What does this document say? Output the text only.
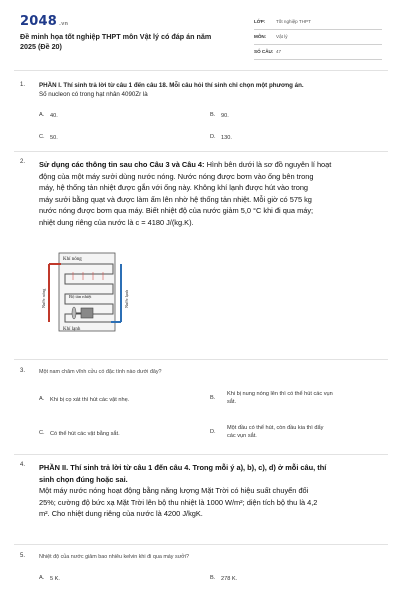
2048 .vn
Đề minh họa tốt nghiệp THPT môn Vật lý có đáp án năm
2025 (Đề 20)
LỚP: Tốt nghiệp THPT
MÔN: Vật lý
SỐ CÂU: 47
1. PHẦN I. Thí sinh trả lời từ câu 1 đến câu 18. Mỗi câu hỏi thí sinh chỉ chọn một phương án.
Số nucleon có trong hạt nhân 4090Zr là
A. 40.	B. 90.
C. 50.	D. 130.
2. Sử dụng các thông tin sau cho Câu 3 và Câu 4: Hình bên dưới là sơ đồ nguyên lí hoạt
động của một máy sưởi dùng nước nóng. Nước nóng được bơm vào ống bên trong
máy, hệ thống tản nhiệt được gắn với ống này. Không khí lạnh được hút vào trong
máy sưởi bằng quạt và được làm ấm lên nhờ hệ thống tản nhiệt. Mỗi giờ có 575 kg
nước nóng được bơm qua máy. Biết nhiệt độ của nước giảm 5,0 °C khi đi qua máy;
nhiệt dung riêng của nước là c = 4180 J/(kg.K).
Khí nóng
Bộ tản nhiệt
Khí lạnh
Nước nóng	Nước lạnh
3.	Một nam châm vĩnh cửu có đặc tính nào dưới đây?
A. Khi bị cọ xát thì hút các vật nhẹ.	B.
Khi bị nung nóng lên thì có thể hút các vụn
sắt.
C. Có thể hút các vật bằng sắt.	D.
Một đầu có thể hút, còn đầu kia thì đẩy
các vụn sắt.
4. PHẦN II. Thí sinh trả lời từ câu 1 đến câu 4. Trong mỗi ý a), b), c), d) ở mỗi câu, thí
sinh chọn đúng hoặc sai.
Một máy nước nóng hoạt động bằng năng lượng Mặt Trời có hiệu suất chuyển đổi
25%; cường độ bức xạ Mặt Trời lên bộ thu nhiệt là 1000 W/m²; diện tích bộ thu là 4,2
m². Cho nhiệt dung riêng của nước là 4200 J/kgK.
5.	Nhiệt độ của nước giảm bao nhiêu kelvin khi đi qua máy sưởi?
A. 5 K.	B. 278 K.
